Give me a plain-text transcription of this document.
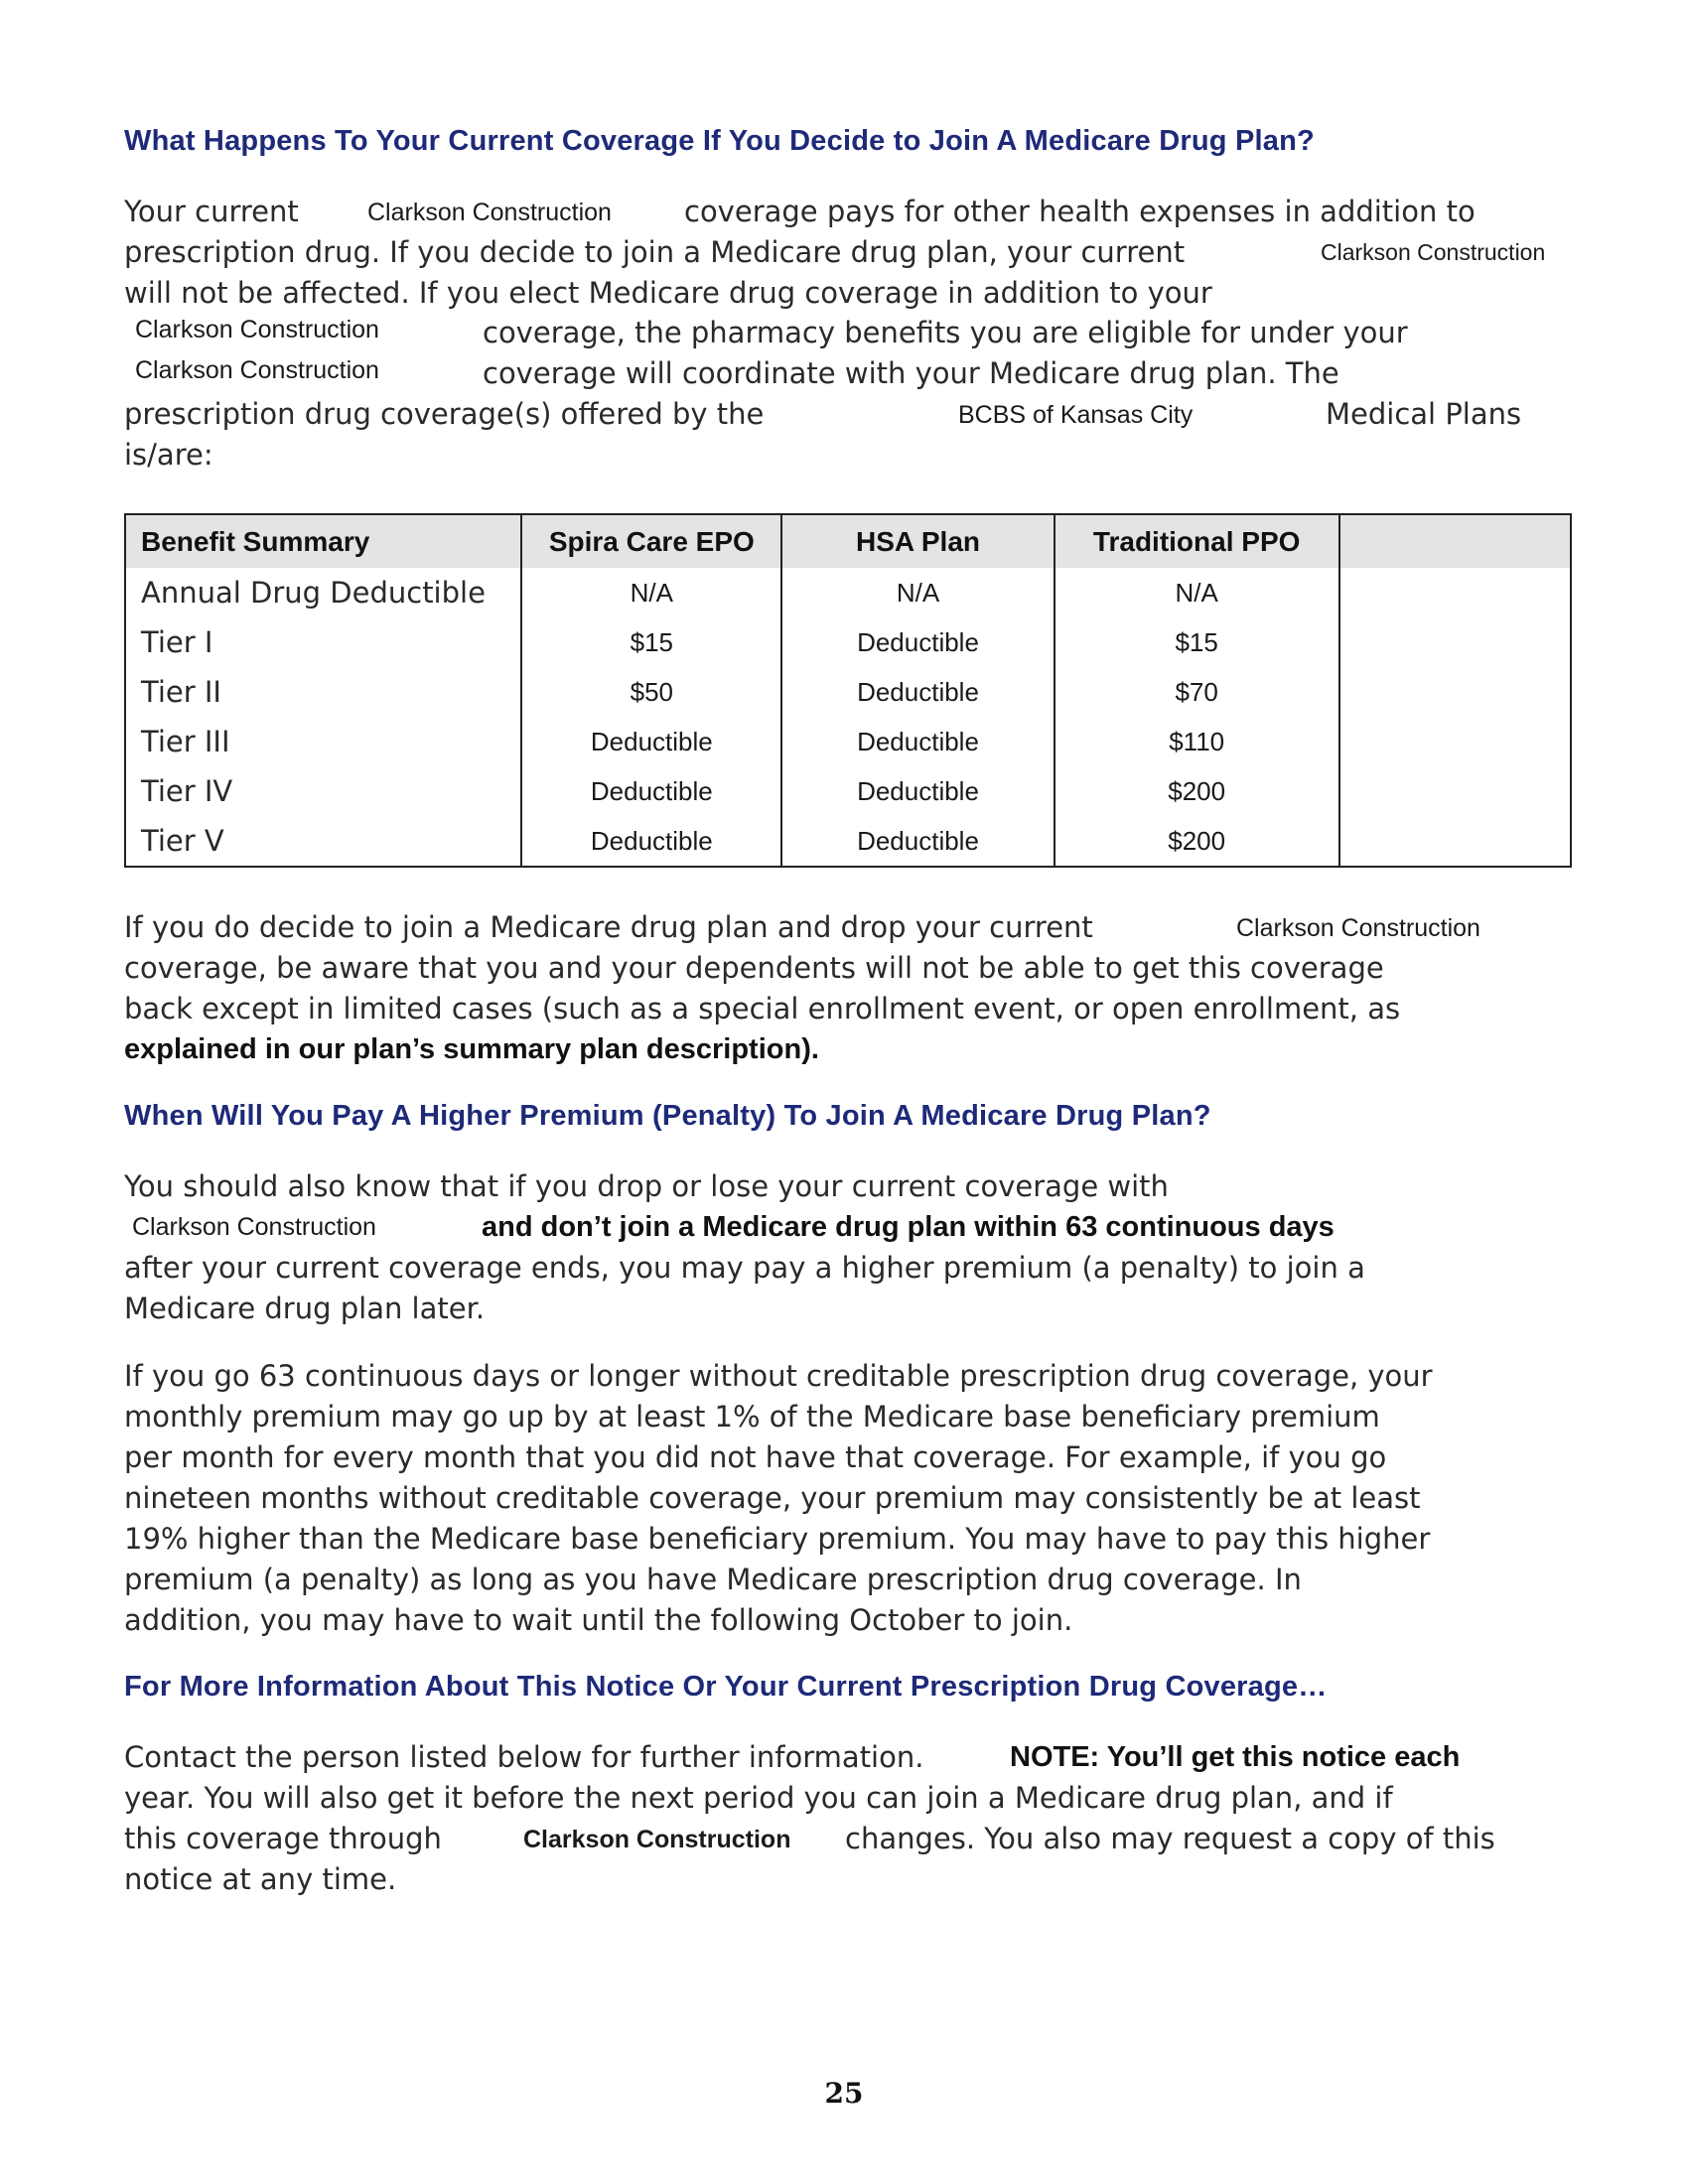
What Happens To Your Current Coverage If You Decide to Join A Medicare Drug Plan?

Your current	Clarkson Construction	coverage pays for other health expenses in addition to

prescription drug. If you decide to join a Medicare drug plan, your current	Clarkson Construction

will not be affected. If you elect Medicare drug coverage in addition to your

Clarkson Construction	coverage, the pharmacy benefits you are eligible for under your

Clarkson Construction	coverage will coordinate with your Medicare drug plan. The

prescription drug coverage(s) offered by the	BCBS of Kansas City	Medical Plans

is/are:

Benefit Summary	Spira Care EPO	HSA Plan	Traditional PPO	
Annual Drug Deductible	N/A	N/A	N/A	
Tier I	$15	Deductible	$15	
Tier II	$50	Deductible	$70	
Tier III	Deductible	Deductible	$110	
Tier IV	Deductible	Deductible	$200	
Tier V	Deductible	Deductible	$200	

If you do decide to join a Medicare drug plan and drop your current	Clarkson Construction

coverage, be aware that you and your dependents will not be able to get this coverage

back except in limited cases (such as a special enrollment event, or open enrollment, as

explained in our plan’s summary plan description).

When Will You Pay A Higher Premium (Penalty) To Join A Medicare Drug Plan?

You should also know that if you drop or lose your current coverage with

Clarkson Construction	and don’t join a Medicare drug plan within 63 continuous days

after your current coverage ends, you may pay a higher premium (a penalty) to join a

Medicare drug plan later.

If you go 63 continuous days or longer without creditable prescription drug coverage, your

monthly premium may go up by at least 1% of the Medicare base beneficiary premium

per month for every month that you did not have that coverage. For example, if you go

nineteen months without creditable coverage, your premium may consistently be at least

19% higher than the Medicare base beneficiary premium. You may have to pay this higher

premium (a penalty) as long as you have Medicare prescription drug coverage. In

addition, you may have to wait until the following October to join.

For More Information About This Notice Or Your Current Prescription Drug Coverage…

Contact the person listed below for further information.	NOTE: You’ll get this notice each

year. You will also get it before the next period you can join a Medicare drug plan, and if

this coverage through	Clarkson Construction changes. You also may request a copy of this

notice at any time.

25
